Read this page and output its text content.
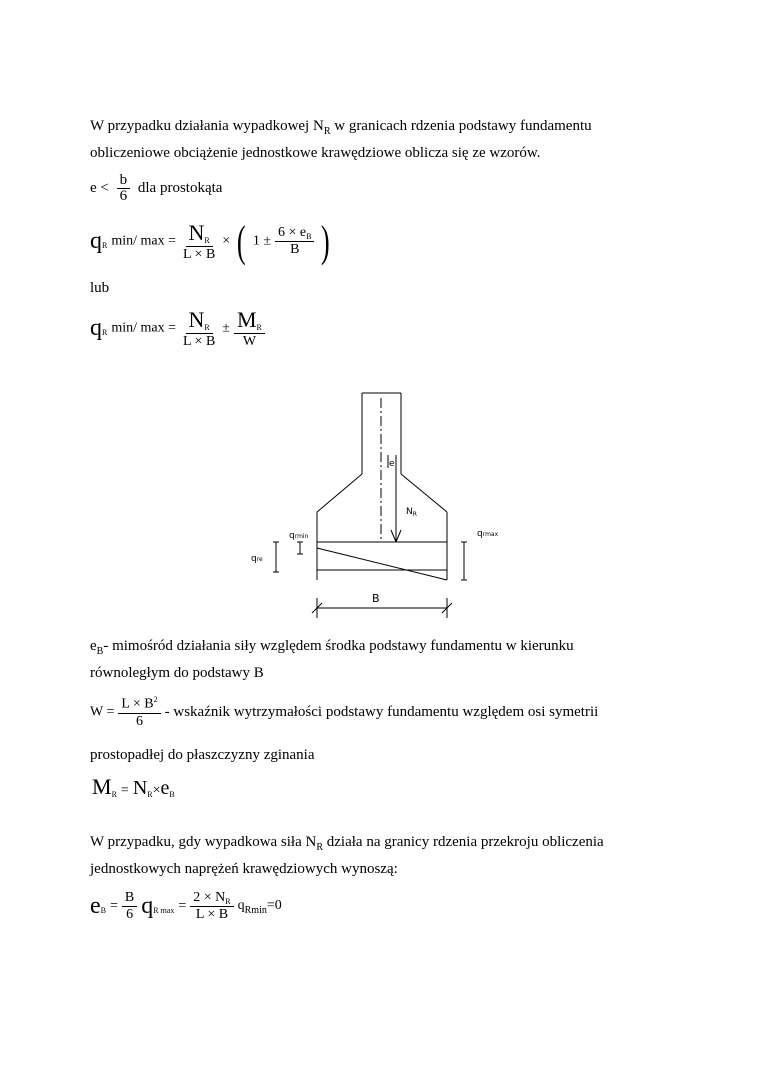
W przypadku działania wypadkowej $N_R$ w granicach rdzenia podstawy fundamentu
obliczeniowe obciążenie jednostkowe krawędziowe oblicza się ze wzorów.
$e < \frac{b}{6}$ dla prostokąta
qR min/ $\max = \frac{N_R}{L \times B}$ × ( $1 \pm \frac{6 \times e_B}{B}$ )
lub
qR min/ $\max = \frac{N_R}{L \times B} \pm \frac{M_R}{W}$
e
$N_R$
qrmin
qre
qrmax
B
$e_B-$ mimośród działania siły względem środka podstawy fundamentu w kierunku
równoległym do podstawy B
$W = \frac{L \times B^2}{6}$ - wskaźnik wytrzymałości podstawy fundamentu względem osi symetrii
prostopadłej do płaszczyzny zginania
MR = NR×eB
W przypadku, gdy wypadkowa siła $N_R$ działa na granicy rdzenia przekroju obliczenia
jednostkowych naprężeń krawędziowych wynoszą:
eB = $\frac{B}{6}$ qR $\max = \frac{2 \times N_R}{L \times B} q_{Rmin}=0$
